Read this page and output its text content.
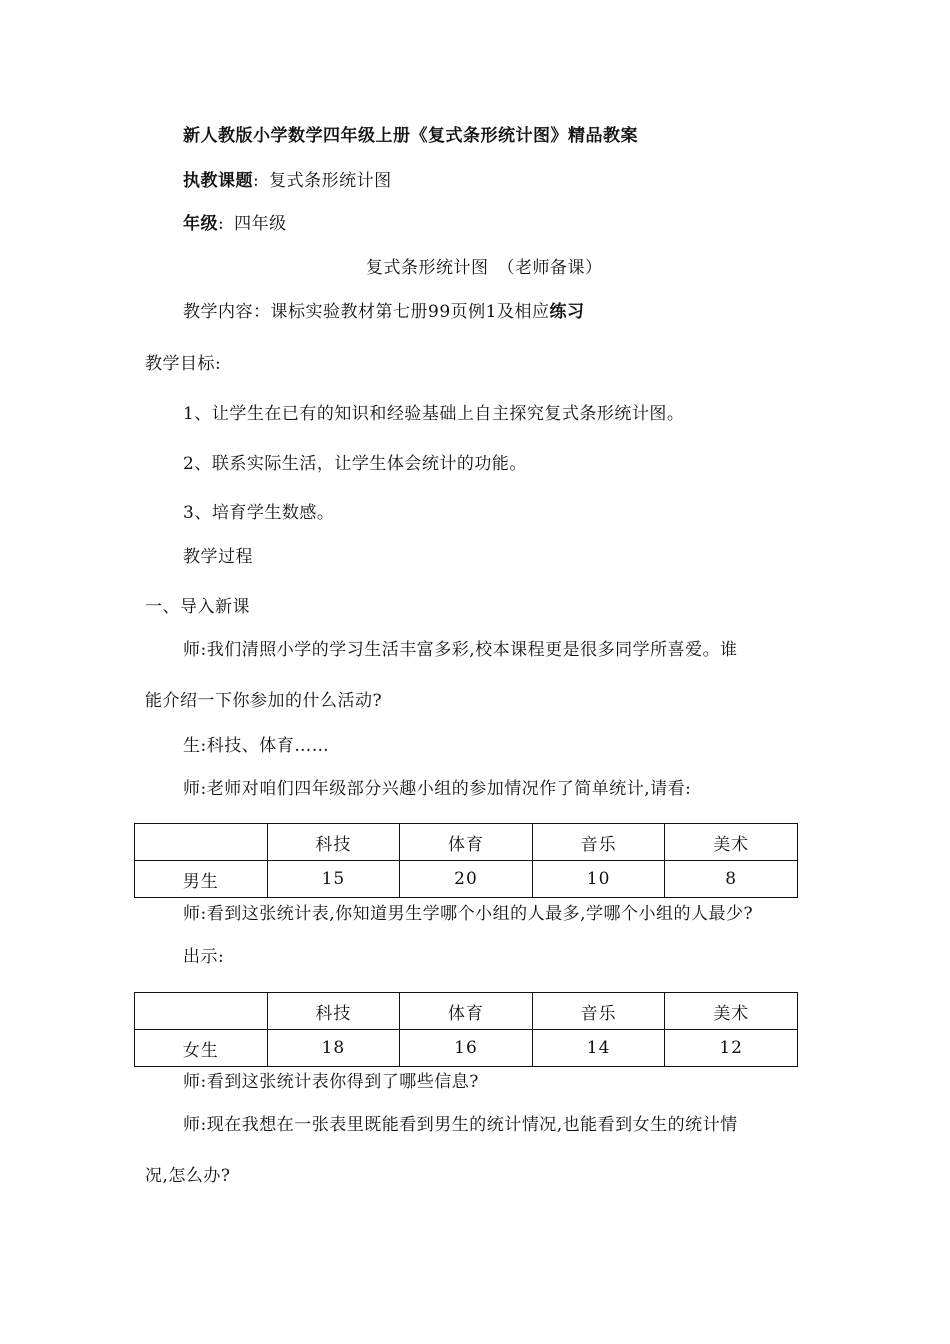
新人教版小学数学四年级上册《复式条形统计图》精品教案
执教课题: 复式条形统计图
年级: 四年级
复式条形统计图　（老师备课）
教学内容：课标实验教材第七册99页例1及相应练习
教学目标:
1、让学生在已有的知识和经验基础上自主探究复式条形统计图。
2、联系实际生活，让学生体会统计的功能。
3、培育学生数感。
教学过程
一、导入新课
师:我们清照小学的学习生活丰富多彩,校本课程更是很多同学所喜爱。谁
能介绍一下你参加的什么活动?
生:科技、体育……
师:老师对咱们四年级部分兴趣小组的参加情况作了简单统计,请看:
	科技	体育	音乐	美术
男生	15	20	10	8
师:看到这张统计表,你知道男生学哪个小组的人最多,学哪个小组的人最少?
出示:
	科技	体育	音乐	美术
女生	18	16	14	12
师:看到这张统计表你得到了哪些信息?
师:现在我想在一张表里既能看到男生的统计情况,也能看到女生的统计情
况,怎么办?
